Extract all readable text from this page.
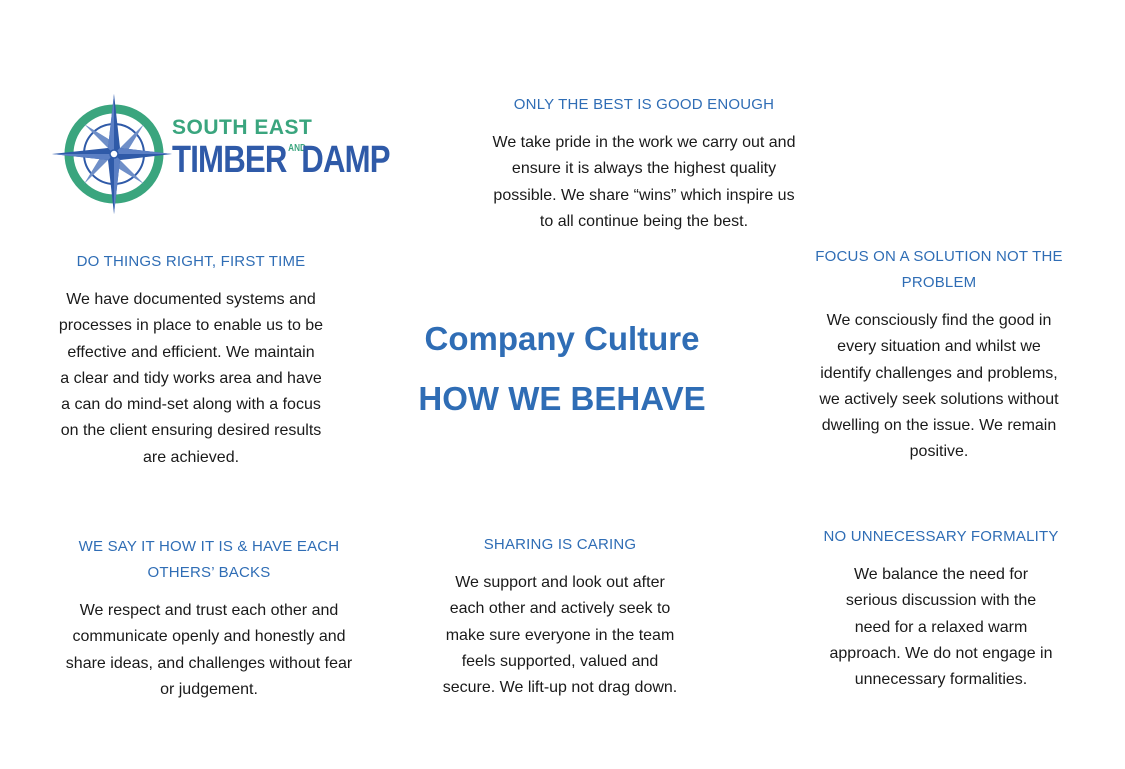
SOUTH EAST
TIMBER ANDDAMP
ONLY THE BEST IS GOOD ENOUGH
We take pride in the work we carry out and
ensure it is always the highest quality
possible. We share “wins” which inspire us
to all continue being the best.
DO THINGS RIGHT, FIRST TIME
We have documented systems and
processes in place to enable us to be
effective and efficient. We maintain
a clear and tidy works area and have
a can do mind-set along with a focus
on the client ensuring desired results
are achieved.
Company Culture
HOW WE BEHAVE
FOCUS ON A SOLUTION NOT THE
PROBLEM
We consciously find the good in
every situation and whilst we
identify challenges and problems,
we actively seek solutions without
dwelling on the issue. We remain
positive.
WE SAY IT HOW IT IS & HAVE EACH
OTHERS’ BACKS
We respect and trust each other and
communicate openly and honestly and
share ideas, and challenges without fear
or judgement.
SHARING IS CARING
We support and look out after
each other and actively seek to
make sure everyone in the team
feels supported, valued and
secure. We lift-up not drag down.
NO UNNECESSARY FORMALITY
We balance the need for
serious discussion with the
need for a relaxed warm
approach. We do not engage in
unnecessary formalities.
